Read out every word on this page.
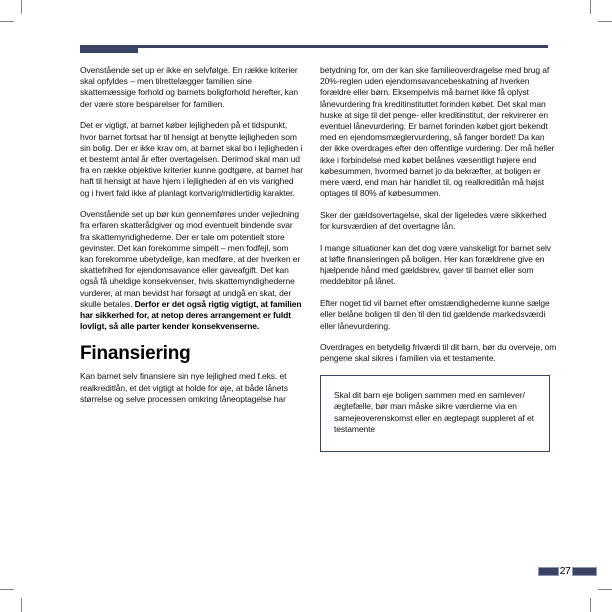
Ovenstående set up er ikke en selvfølge. En række kriterier skal opfyldes – men tilrettelægger familien sine skattemæssige forhold og barnets boligforhold herefter, kan der være store besparelser for familien.

Det er vigtigt, at barnet køber lejligheden på et tidspunkt, hvor barnet fortsat har til hensigt at benytte lejligheden som sin bolig. Der er ikke krav om, at barnet skal bo i lejligheden i et bestemt antal år efter overtagelsen. Derimod skal man ud fra en række objektive kriterier kunne godtgøre, at barnet har haft til hensigt at have hjem i lejligheden af en vis varighed og i hvert fald ikke af planlagt kortvarig/midlertidig karakter.

Ovenstående set up bør kun gennemføres under vejledning fra erfaren skatterådgiver og mod eventuelt bindende svar fra skattemyndighederne. Der er tale om potentielt store gevinster. Det kan forekomme simpelt – men fodfejl, som kan forekomme ubetydelige, kan medføre, at der hverken er skattefrihed for ejendomsavance eller gaveafgift. Det kan også få uheldige konsekvenser, hvis skattemyndighederne vurderer, at man bevidst har forsøgt at undgå en skat, der skulle betales. Derfor er det også rigtig vigtigt, at familien har sikkerhed for, at netop deres arrangement er fuldt lovligt, så alle parter kender konsekvenserne.

Finansiering

Kan barnet selv finansiere sin nye lejlighed med f.eks. et realkreditlån, et det vigtigt at holde for øje, at både lånets størrelse og selve processen omkring låneoptagelse har

betydning for, om der kan ske familieoverdragelse med brug af 20%-reglen uden ejendomsavancebeskatning af hverken forældre eller børn. Eksempelvis må barnet ikke få oplyst lånevurdering fra kreditinstituttet forinden købet. Det skal man huske at sige til det penge- eller kreditinstitut, der rekvirerer en eventuel lånevurdering. Er barnet forinden købet gjort bekendt med en ejendomsmæglervurdering, så fanger bordet! Da kan der ikke overdrages efter den offentlige vurdering. Der må heller ikke i forbindelse med købet belånes væsentligt højere end købesummen, hvormed barnet jo da bekræfter, at boligen er mere værd, end man har handlet til, og realkreditlån må højst optages til 80% af købesummen.

Sker der gældsovertagelse, skal der ligeledes være sikkerhed for kursværdien af det overtagne lån.

I mange situationer kan det dog være vanskeligt for barnet selv at løfte finansieringen på boligen. Her kan forældrene give en hjælpende hånd med gældsbrev, gaver til barnet eller som meddebitor på lånet.

Efter noget tid vil barnet efter omstændighederne kunne sælge eller belåne boligen til den til den tid gældende markedsværdi eller lånevurdering.

Overdrages en betydelig friværdi til dit barn, bør du overveje, om pengene skal sikres i familien via et testamente.

Skal dit barn eje boligen sammen med en samlever/ægtefælle, bør man måske sikre værdierne via en samejeoverenskomst eller en ægtepagt suppleret af et testamente

27
